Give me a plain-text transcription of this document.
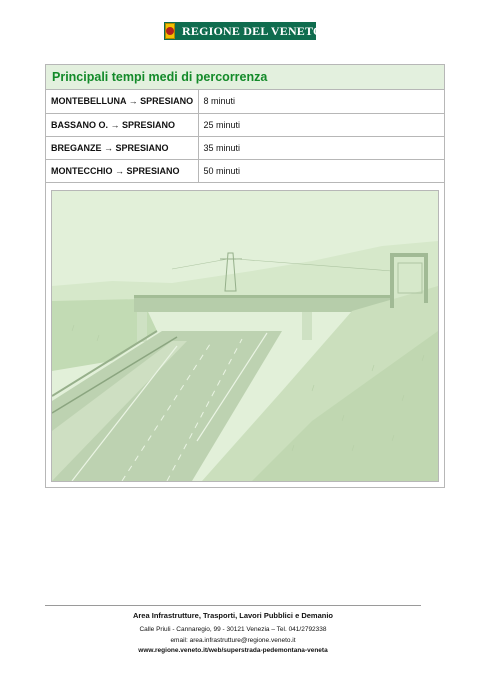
REGIONE DEL VENETO
Principali tempi medi di percorrenza
MONTEBELLUNA → SPRESIANO	8 minuti
BASSANO O. → SPRESIANO	25 minuti
BREGANZE → SPRESIANO	35 minuti
MONTECCHIO → SPRESIANO	50 minuti
Area Infrastrutture, Trasporti, Lavori Pubblici e Demanio
Calle Priuli - Cannaregio, 99 - 30121 Venezia – Tel. 041/2792338
email: area.infrastrutture@regione.veneto.it
www.regione.veneto.it/web/superstrada-pedemontana-veneta
